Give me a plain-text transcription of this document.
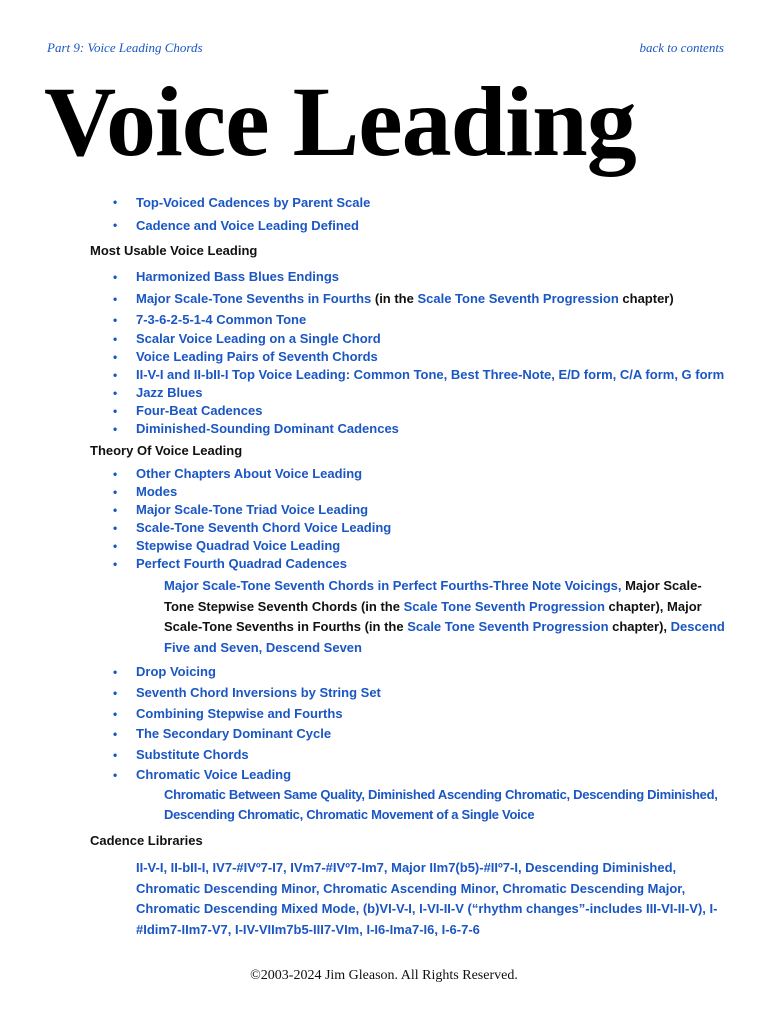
Part 9: Voice Leading Chords	back to contents
Voice Leading
• Top-Voiced Cadences by Parent Scale
• Cadence and Voice Leading Defined
Most Usable Voice Leading
• Harmonized Bass Blues Endings
• Major Scale-Tone Sevenths in Fourths (in the Scale Tone Seventh Progression chapter)
• 7-3-6-2-5-1-4 Common Tone
• Scalar Voice Leading on a Single Chord
• Voice Leading Pairs of Seventh Chords
• II-V-I and II-bII-I Top Voice Leading: Common Tone, Best Three-Note, E/D form, C/A form, G form
• Jazz Blues
• Four-Beat Cadences
• Diminished-Sounding Dominant Cadences
Theory Of Voice Leading
• Other Chapters About Voice Leading
• Modes
• Major Scale-Tone Triad Voice Leading
• Scale-Tone Seventh Chord Voice Leading
• Stepwise Quadrad Voice Leading
• Perfect Fourth Quadrad Cadences
Major Scale-Tone Seventh Chords in Perfect Fourths-Three Note Voicings, Major Scale-Tone Stepwise Seventh Chords (in the Scale Tone Seventh Progression chapter), Major Scale-Tone Sevenths in Fourths (in the Scale Tone Seventh Progression chapter), Descend Five and Seven, Descend Seven
• Drop Voicing
• Seventh Chord Inversions by String Set
• Combining Stepwise and Fourths
• The Secondary Dominant Cycle
• Substitute Chords
• Chromatic Voice Leading
Chromatic Between Same Quality, Diminished Ascending Chromatic, Descending Diminished, Descending Chromatic, Chromatic Movement of a Single Voice
Cadence Libraries
II-V-I, II-bII-I, IV7-#IVº7-I7, IVm7-#IVº7-Im7, Major IIm7(b5)-#IIº7-I, Descending Diminished, Chromatic Descending Minor, Chromatic Ascending Minor, Chromatic Descending Major, Chromatic Descending Mixed Mode, (b)VI-V-I, I-VI-II-V (“rhythm changes”-includes III-VI-II-V), I-#Idim7-IIm7-V7, I-IV-VIIm7b5-III7-VIm, I-I6-Ima7-I6, I-6-7-6
©2003-2024 Jim Gleason. All Rights Reserved.
